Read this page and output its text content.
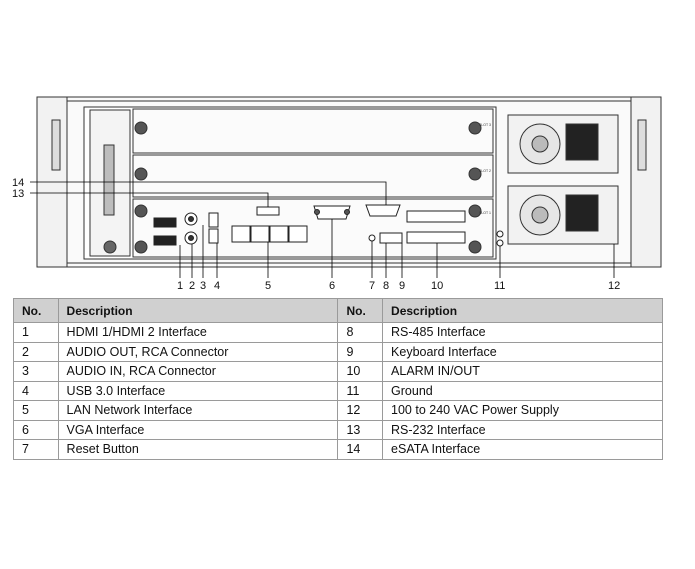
SLOT 3
SLOT 2
SLOT 1
14
13
1 2 3 4	5	6	7 8 9 10	11	12
No.	Description	No.	Description
1	HDMI 1/HDMI 2 Interface	8	RS-485 Interface
2	AUDIO OUT, RCA Connector	9	Keyboard Interface
3	AUDIO IN, RCA Connector	10	ALARM IN/OUT
4	USB 3.0 Interface	11	Ground
5	LAN Network Interface	12	100 to 240 VAC Power Supply
6	VGA Interface	13	RS-232 Interface
7	Reset Button	14	eSATA Interface
